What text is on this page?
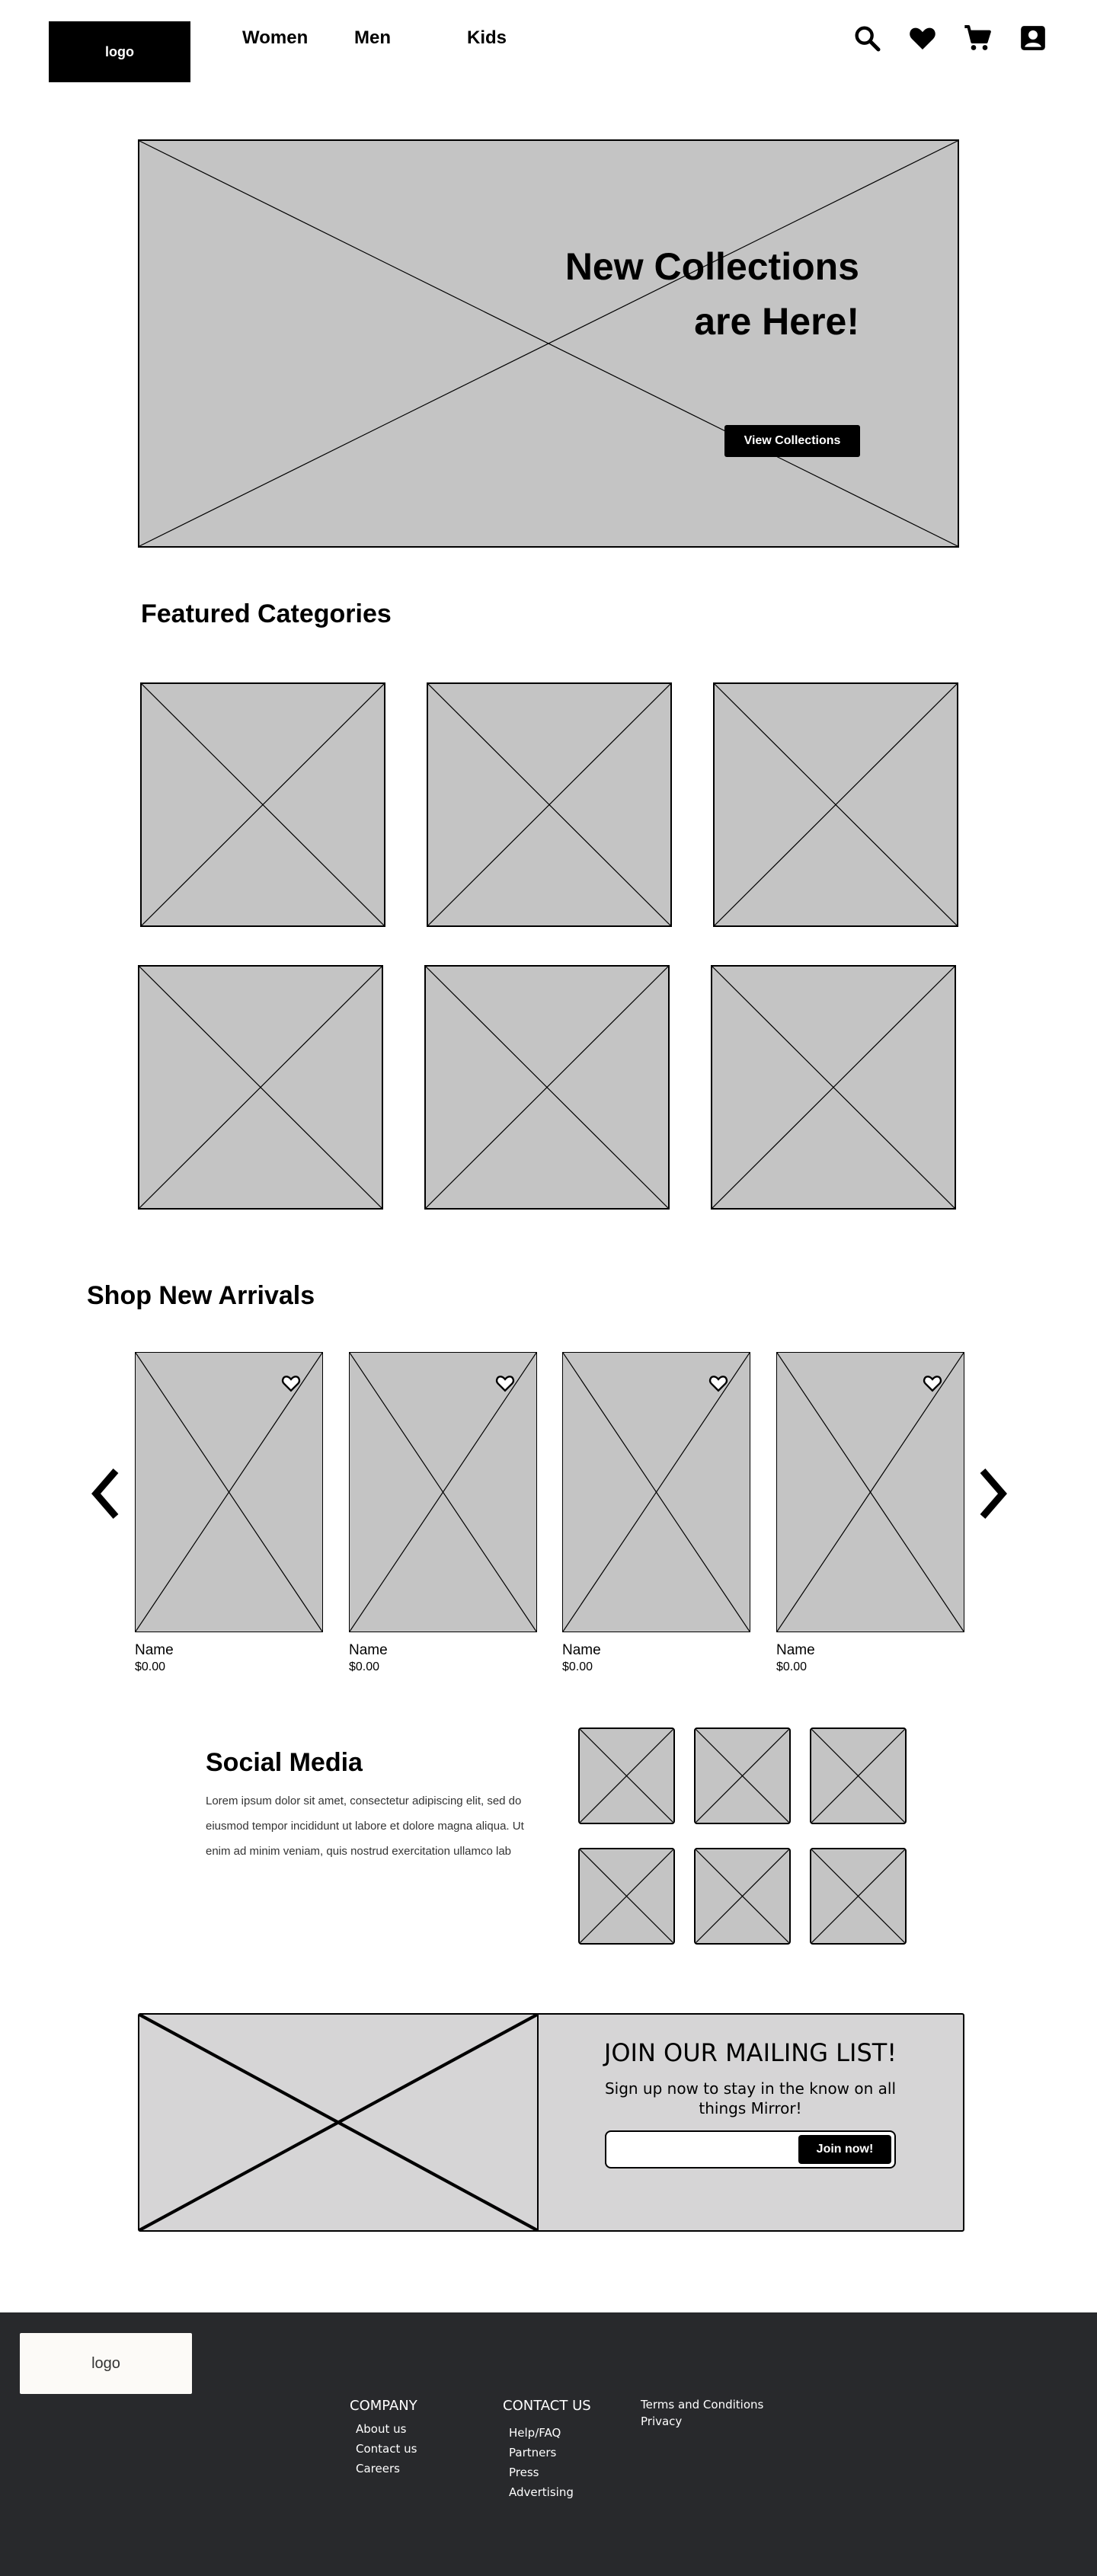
logo
Women	Men	Kids
New Collections
are Here!
View Collections
Featured Categories
Shop New Arrivals
Name
$0.00
Name
$0.00
Name
$0.00
Name
$0.00
Social Media
Lorem ipsum dolor sit amet, consectetur adipiscing elit, sed do eiusmod tempor incididunt ut labore et dolore magna aliqua. Ut enim ad minim veniam, quis nostrud exercitation ullamco lab
JOIN OUR MAILING LIST!
Sign up now to stay in the know on all things Mirror!
Join now!
logo
COMPANY
About us
Contact us
Careers
CONTACT US
Help/FAQ
Partners
Press
Advertising
Terms and Conditions
Privacy
